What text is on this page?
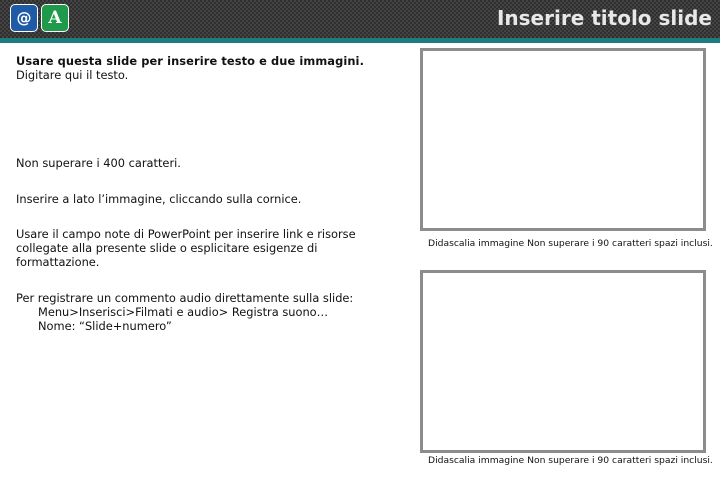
@ A	Inserire titolo slide

Usare questa slide per inserire testo e due immagini.

Digitare qui il testo.

Non superare i 400 caratteri.

Inserire a lato l’immagine, cliccando sulla cornice.

Usare il campo note di PowerPoint per inserire link e risorse collegate alla presente slide o esplicitare esigenze di formattazione.

Per registrare un commento audio direttamente sulla slide:

Menu>Inserisci>Filmati e audio> Registra suono…

Nome: “Slide+numero”

Didascalia immagine Non superare i 90 caratteri spazi inclusi.
Didascalia immagine Non superare i 90 caratteri spazi inclusi.
